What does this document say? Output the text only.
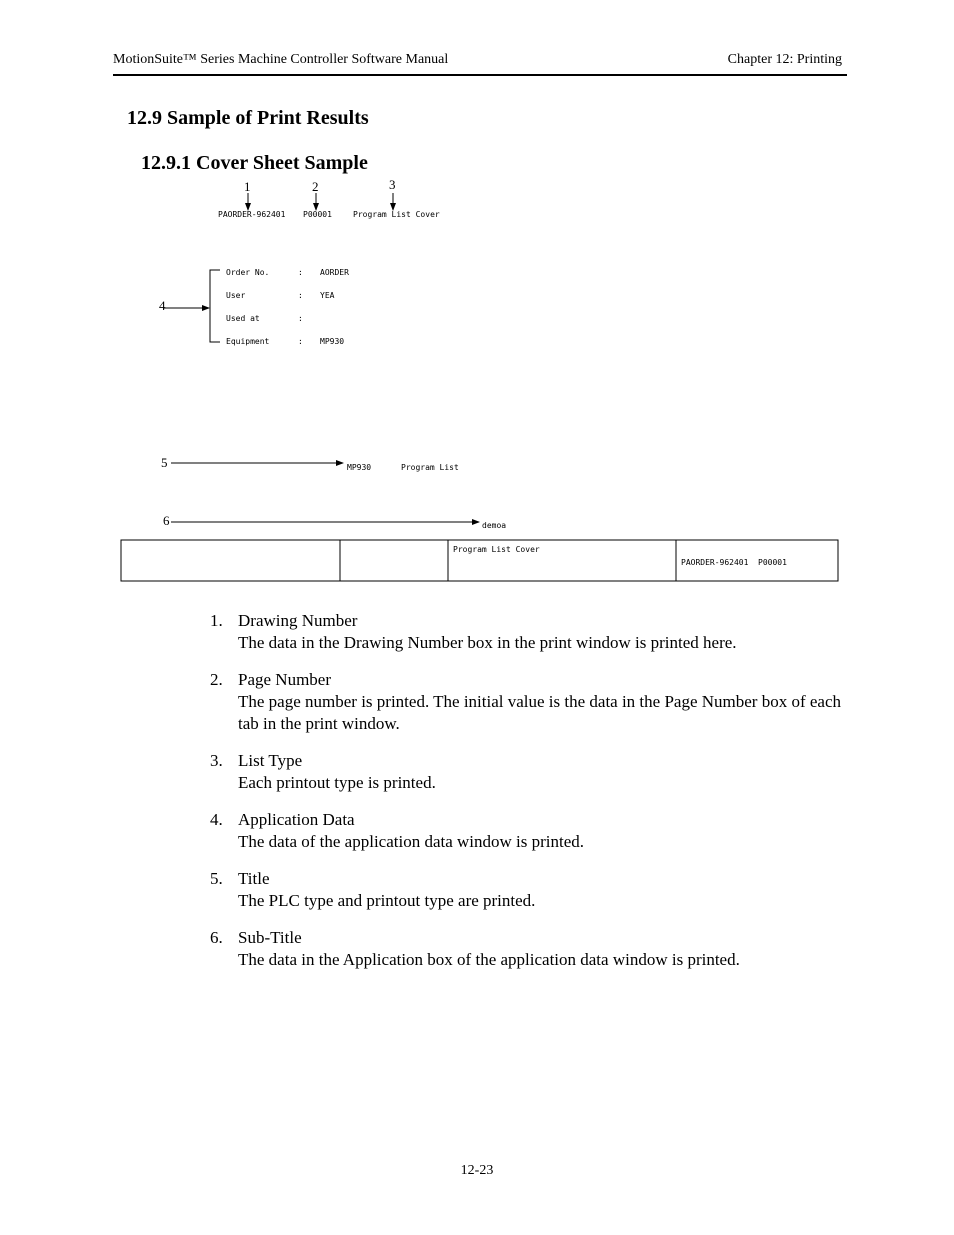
MotionSuite™ Series Machine Controller Software Manual	Chapter 12: Printing
12.9 Sample of Print Results
12.9.1 Cover Sheet Sample
1	2	3
4
5
6
PAORDER-962401 P00001	Program List Cover
Order No.	: AORDER
User	: YEA
Used at	:
Equipment	: MP930
MP930	Program List
demoa
Program List Cover
PAORDER-962401 P00001
1. Drawing Number
The data in the Drawing Number box in the print window is printed here.
2. Page Number
The page number is printed. The initial value is the data in the Page Number box of each tab in the print window.
3. List Type
Each printout type is printed.
4. Application Data
The data of the application data window is printed.
5. Title
The PLC type and printout type are printed.
6. Sub-Title
The data in the Application box of the application data window is printed.
12-23
